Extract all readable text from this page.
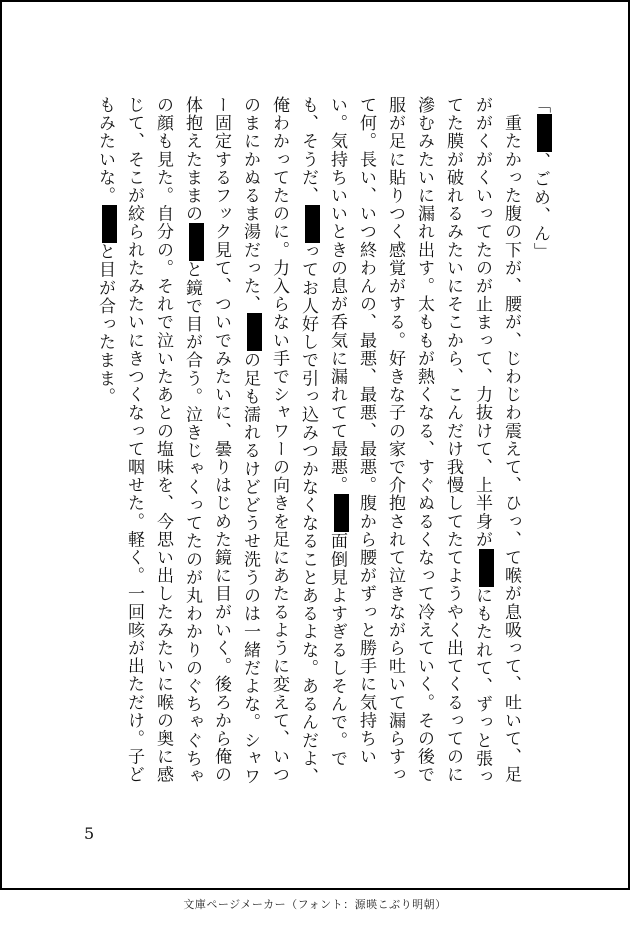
「、ごめ、ん」

　重たかった腹の下が、腰が、じわじわ震えて、ひっ、て喉が息吸って、吐いて、足ががくがくいってたのが止まって、力抜けて、上半身がにもたれて、ずっと張ってた膜が破れるみたいにそこから、こんだけ我慢してたてようやく出てくるってのに滲むみたいに漏れ出す。太ももが熱くなる、すぐぬるくなって冷えていく。その後で服が足に貼りつく感覚がする。好きな子の家で介抱されて泣きながら吐いて漏らすって何。長い、いつ終わんの、最悪、最悪、最悪。腹から腰がずっと勝手に気持ちいい。気持ちいいときの息が呑気に漏れてて最悪。面倒見よすぎるしそんで。でも、そうだ、ってお人好しで引っ込みつかなくなることあるよな。あるんだよ、俺わかってたのに。力入らない手でシャワーの向きを足にあたるように変えて、いつのまにかぬるま湯だった、の足も濡れるけどどうせ洗うのは一緒だよな。シャワー固定するフック見て、ついでみたいに、曇りはじめた鏡に目がいく。後ろから俺の体抱えたままのと鏡で目が合う。泣きじゃくってたのが丸わかりのぐちゃぐちゃの顔も見た。自分の。それで泣いたあとの塩味を、今思い出したみたいに喉の奥に感じて、そこが絞られたみたいにきつくなって咽せた。軽く。一回咳が出ただけ。子どもみたいな。と目が合ったまま。

5
文庫ページメーカー（フォント：源暎こぶり明朝）
